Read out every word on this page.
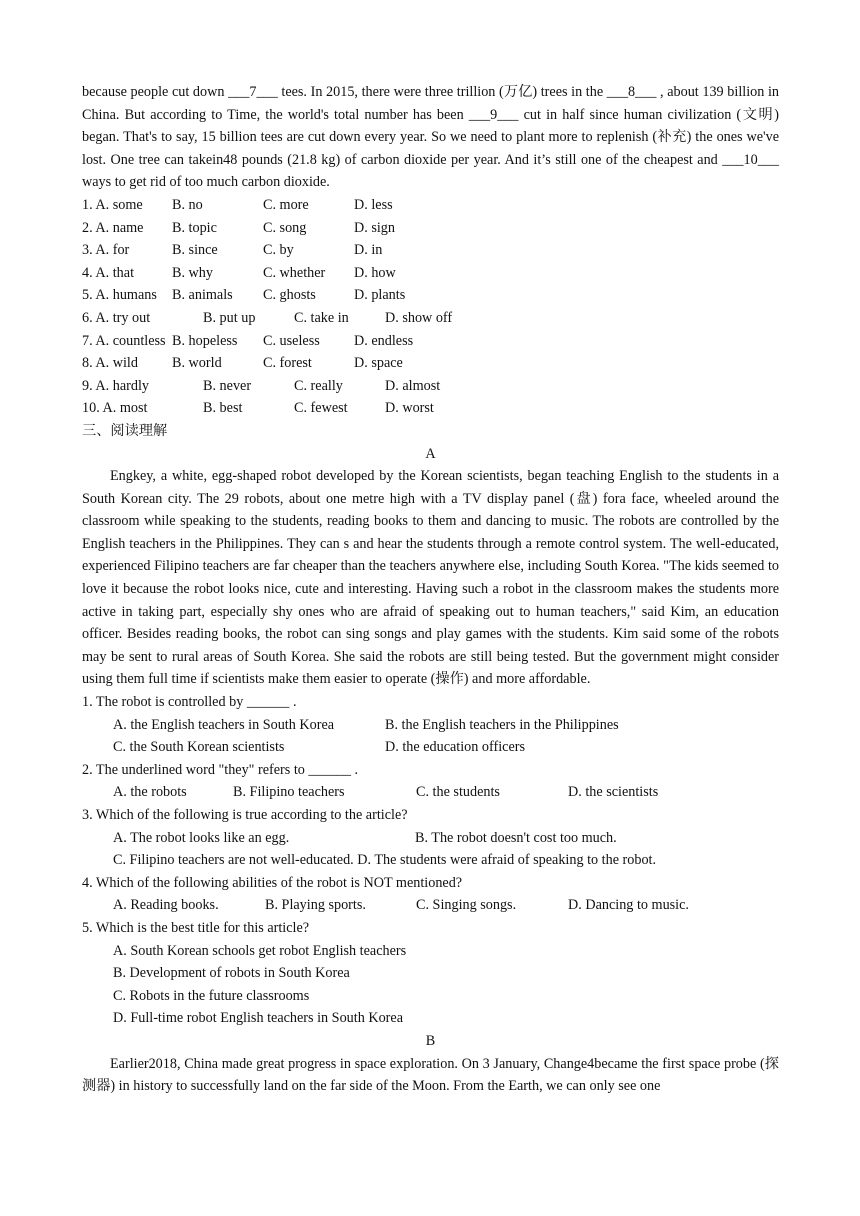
because people cut down ___7___ tees. In 2015, there were three trillion (万亿) trees in the ___8___ , about 139 billion in China. But according to Time, the world's total number has been ___9___ cut in half since human civilization (文明) began. That's to say, 15 billion tees are cut down every year. So we need to plant more to replenish (补充) the ones we've lost. One tree can takein48 pounds (21.8 kg) of carbon dioxide per year. And it’s still one of the cheapest and ___10___ ways to get rid of too much carbon dioxide.

1. A. some	B. no	C. more	D. less
2. A. name	B. topic	C. song	D. sign
3. A. for	B. since	C. by	D. in
4. A. that	B. why	C. whether	D. how
5. A. humans	B. animals	C. ghosts	D. plants
6. A. try out	B. put up	C. take in	D. show off
7. A. countless B. hopeless	C. useless	D. endless
8. A. wild	B. world	C. forest	D. space
9. A. hardly	B. never	C. really	D. almost
10. A. most	B. best	C. fewest	D. worst

三、阅读理解

A

Engkey, a white, egg-shaped robot developed by the Korean scientists, began teaching English to the students in a South Korean city. The 29 robots, about one metre high with a TV display panel (盘) fora face, wheeled around the classroom while speaking to the students, reading books to them and dancing to music. The robots are controlled by the English teachers in the Philippines. They can s and hear the students through a remote control system. The well-educated, experienced Filipino teachers are far cheaper than the teachers anywhere else, including South Korea. "The kids seemed to love it because the robot looks nice, cute and interesting. Having such a robot in the classroom makes the students more active in taking part, especially shy ones who are afraid of speaking out to human teachers," said Kim, an education officer. Besides reading books, the robot can sing songs and play games with the students. Kim said some of the robots may be sent to rural areas of South Korea. She said the robots are still being tested. But the government might consider using them full time if scientists make them easier to operate (操作) and more affordable.

1. The robot is controlled by ______ .

A. the English teachers in South Korea	B. the English teachers in the Philippines
C. the South Korean scientists	D. the education officers

2. The underlined word "they" refers to ______ .

A. the robots	B. Filipino teachers	C. the students	D. the scientists

3. Which of the following is true according to the article?

A. The robot looks like an egg.	B. The robot doesn't cost too much.
C. Filipino teachers are not well-educated.
D. The students were afraid of speaking to the robot.

4. Which of the following abilities of the robot is NOT mentioned?

A. Reading books.	B. Playing sports.	C. Singing songs.	D. Dancing to music.

5. Which is the best title for this article?

A. South Korean schools get robot English teachers

B. Development of robots in South Korea

C. Robots in the future classrooms

D. Full-time robot English teachers in South Korea

B

Earlier2018, China made great progress in space exploration. On 3 January, Change4became the first space probe (探测器) in history to successfully land on the far side of the Moon. From the Earth, we can only see one
